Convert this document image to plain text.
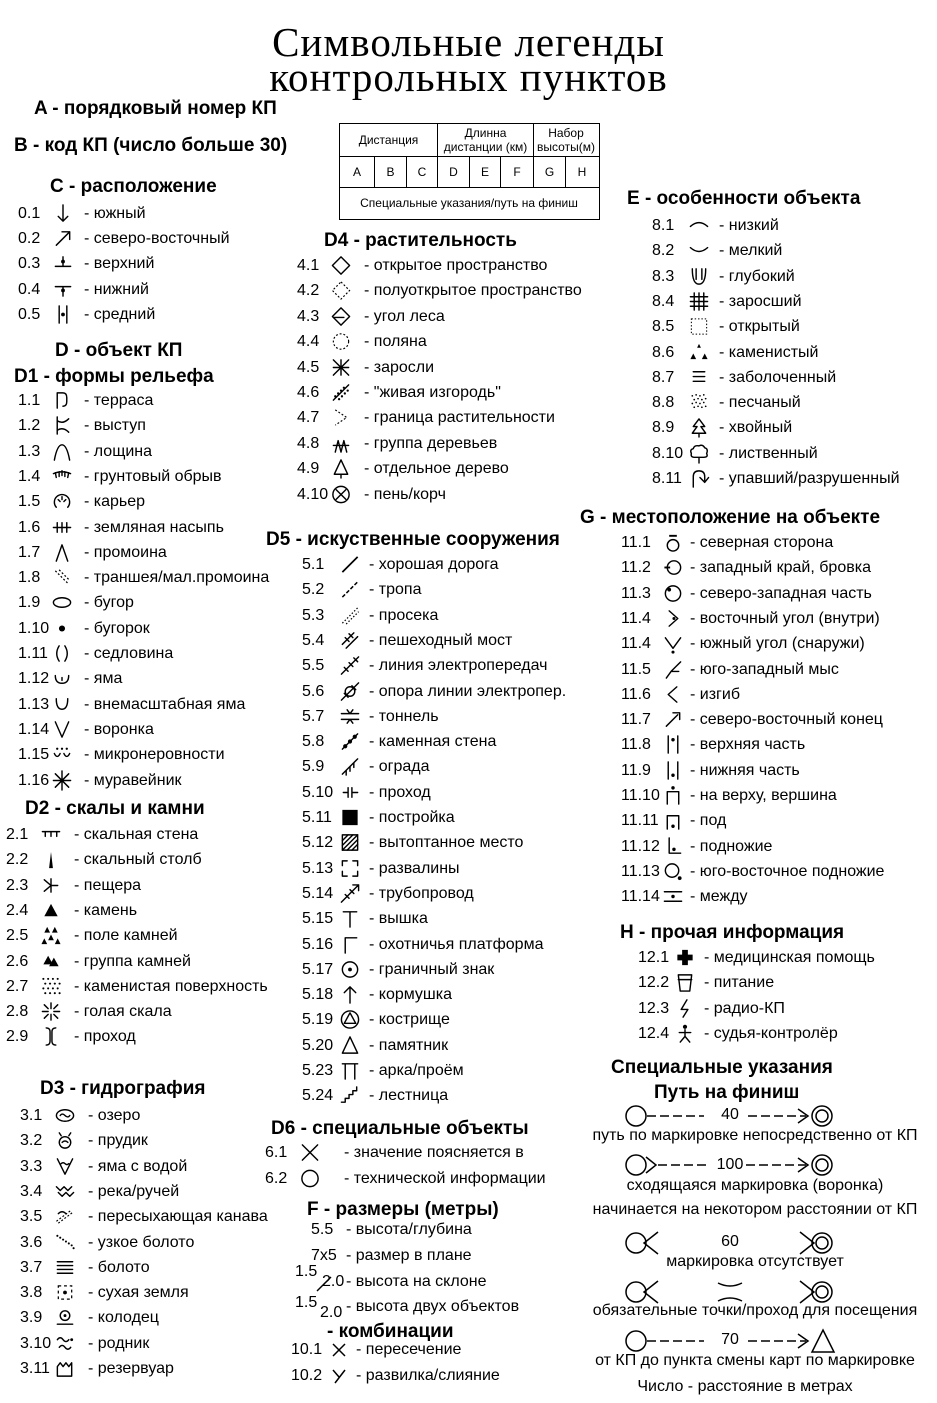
Символьные легенды
контрольных пунктов
A - порядковый номер КП
B - код КП (число больше 30)	Дистанция	Длинна дистанции (км)
Набор высоты(м)
A	B	C	D	E	F	G	H
Специальные указания/путь на финиш
C - расположение
D - объект КП
D1 - формы рельефа
D2 - скалы и камни
D3 - гидрография
D4 - растительность
D5 - искуственные сооружения
D6 - специальные объекты
E - особенности объекта
G - местоположение на объекте
H - прочая информация
0.1	- южный
0.2	- северо-восточный
0.3	- верхний
0.4	- нижний
0.5	- средний
1.1	- терраса
1.2	- выступ
1.3	- лощина
1.4	- грунтовый обрыв
1.5	- карьер
1.6	- земляная насыпь
1.7	- промоина
1.8	- траншея/мал.промоина
1.9	- бугор
1.10 - бугорок
1.11 - седловина
1.12 - яма
1.13 - внемасштабная яма
1.14 - воронка
1.15 - микронеровности
1.16 - муравейник
2.1	- скальная стена
2.2	- скальный столб
2.3	- пещера
2.4	- камень
2.5	- поле камней
2.6	- группа камней
2.7	- каменистая поверхность
2.8	- голая скала
2.9	- проход
3.1	- озеро
3.2	- прудик
3.3	- яма с водой
3.4	- река/ручей
3.5	- пересыхающая канава
3.6	- узкое болото
3.7	- болото
3.8	- сухая земля
3.9	- колодец
3.10 - родник
3.11 - резервуар
4.1	- открытое пространство
4.2	- полуоткрытое пространство
4.3	- угол леса
4.4	- поляна
4.5	- заросли
4.6	- "живая изгородь"
4.7	- граница растительности
4.8	- группа деревьев
4.9	- отдельное дерево
4.10 - пень/корч
5.1	- хорошая дорога
5.2	- тропа
5.3	- просека
5.4	- пешеходный мост
5.5	- линия электропередач
5.6	- опора линии электропер.
5.7	- тоннель
5.8	- каменная стена
5.9	- ограда
5.10 - проход
5.11 - постройка
5.12 - вытоптанное место
5.13 - развалины
5.14 - трубопровод
5.15 - вышка
5.16 - охотничья платформа
5.17 - граничный знак
5.18 - кормушка
5.19 - кострище
5.20 - памятник
5.23 - арка/проём
5.24 - лестница
6.1	- значение поясняется в
6.2	- технической информации
8.1	- низкий
8.2	- мелкий
8.3	- глубокий
8.4	- заросший
8.5	- открытый
8.6	- каменистый
8.7	- заболоченный
8.8	- песчаный
8.9	- хвойный
8.10 - лиственный
8.11 - упавший/разрушенный
11.1 - северная сторона
11.2 - западный край, бровка
11.3 - северо-западная часть
11.4 - восточный угол (внутри)
11.4 - южный угол (снаружи)
11.5 - юго-западный мыс
11.6 - изгиб
11.7 - северо-восточный конец
11.8 - верхняя часть
11.9 - нижняя часть
11.10 - на верху, вершина
11.11 - под
11.12 - подножие
11.13 - юго-восточное подножие
11.14 - между
12.1 - медицинская помощь
12.2 - питание
12.3 - радио-КП
12.4 - судья-контролёр
F - размеры (метры)
5.5 - высота/глубина
7x5 - размер в плане
1.5
2.0 - высота на склоне
1.5
2.0 - высота двух объектов
- комбинации
10.1 - пересечение
10.2 - развилка/слияние
Специальные указания
Путь на финиш
40
путь по маркировке непосредственно от КП
100
сходящаяся маркировка (воронка)
начинается на некотором расстоянии от КП
60
маркировка отсутствует
обязательные точки/проход для посещения
70
от КП до пункта смены карт по маркировке
Число - расстояние в метрах
